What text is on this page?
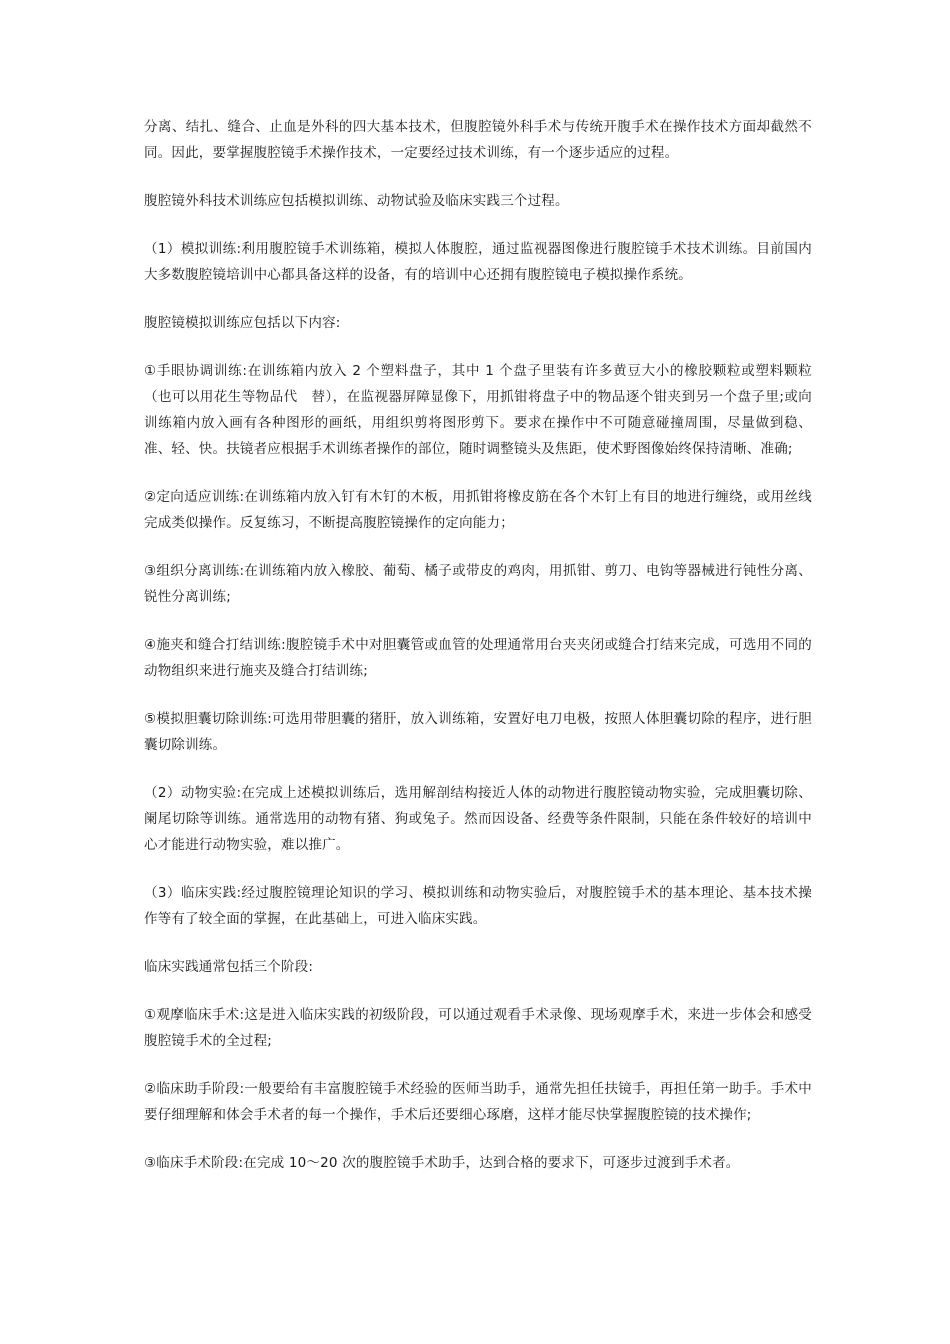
分离、结扎、缝合、止血是外科的四大基本技术，但腹腔镜外科手术与传统开腹手术在操作技术方面却截然不同。因此，要掌握腹腔镜手术操作技术，一定要经过技术训练，有一个逐步适应的过程。

腹腔镜外科技术训练应包括模拟训练、动物试验及临床实践三个过程。

（1）模拟训练:利用腹腔镜手术训练箱，模拟人体腹腔，通过监视器图像进行腹腔镜手术技术训练。目前国内大多数腹腔镜培训中心都具备这样的设备，有的培训中心还拥有腹腔镜电子模拟操作系统。

腹腔镜模拟训练应包括以下内容:

①手眼协调训练:在训练箱内放入 2 个塑料盘子，其中 1 个盘子里装有许多黄豆大小的橡胶颗粒或塑料颗粒（也可以用花生等物品代　替），在监视器屏障显像下，用抓钳将盘子中的物品逐个钳夹到另一个盘子里;或向训练箱内放入画有各种图形的画纸，用组织剪将图形剪下。要求在操作中不可随意碰撞周围，尽量做到稳、准、轻、快。扶镜者应根据手术训练者操作的部位，随时调整镜头及焦距，使术野图像始终保持清晰、准确;

②定向适应训练:在训练箱内放入钉有木钉的木板，用抓钳将橡皮筋在各个木钉上有目的地进行缠绕，或用丝线完成类似操作。反复练习，不断提高腹腔镜操作的定向能力；

③组织分离训练:在训练箱内放入橡胶、葡萄、橘子或带皮的鸡肉，用抓钳、剪刀、电钩等器械进行钝性分离、锐性分离训练;

④施夹和缝合打结训练:腹腔镜手术中对胆囊管或血管的处理通常用台夹夹闭或缝合打结来完成，可选用不同的动物组织来进行施夹及缝合打结训练;

⑤模拟胆囊切除训练:可选用带胆囊的猪肝，放入训练箱，安置好电刀电极，按照人体胆囊切除的程序，进行胆囊切除训练。

（2）动物实验:在完成上述模拟训练后，选用解剖结构接近人体的动物进行腹腔镜动物实验，完成胆囊切除、阑尾切除等训练。通常选用的动物有猪、狗或兔子。然而因设备、经费等条件限制，只能在条件较好的培训中心才能进行动物实验，难以推广。

（3）临床实践:经过腹腔镜理论知识的学习、模拟训练和动物实验后，对腹腔镜手术的基本理论、基本技术操作等有了较全面的掌握，在此基础上，可进入临床实践。

临床实践通常包括三个阶段:

①观摩临床手术:这是进入临床实践的初级阶段，可以通过观看手术录像、现场观摩手术，来进一步体会和感受腹腔镜手术的全过程;

②临床助手阶段:一般要给有丰富腹腔镜手术经验的医师当助手，通常先担任扶镜手，再担任第一助手。手术中要仔细理解和体会手术者的每一个操作，手术后还要细心琢磨，这样才能尽快掌握腹腔镜的技术操作;

③临床手术阶段:在完成 10～20 次的腹腔镜手术助手，达到合格的要求下，可逐步过渡到手术者。
